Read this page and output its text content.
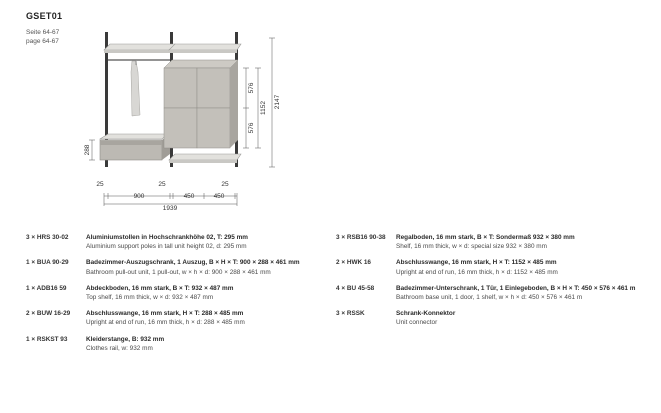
GSET01
Seite 64-67
page 64-67
2147
1152
576
576
288
25	25	25
900	450	450
1939
3 × HRS 30-02	Aluminiumstollen in Hochschrankhöhe 02, T: 295 mm
Aluminium support poles in tall unit height 02, d: 295 mm
1 × BUA 90-29	Badezimmer-Auszugschrank, 1 Auszug, B × H × T: 900 × 288 × 461 mm
Bathroom pull-out unit, 1 pull-out, w × h × d: 900 × 288 × 461 mm
1 × ADB16 59	Abdeckboden, 16 mm stark, B × T: 932 × 487 mm
Top shelf, 16 mm thick, w × d: 932 × 487 mm
2 × BUW 16-29	Abschlusswange, 16 mm stark, H × T: 288 × 485 mm
Upright at end of run, 16 mm thick, h × d: 288 × 485 mm
1 × RSKST 93	Kleiderstange, B: 932 mm
Clothes rail, w: 932 mm
3 × RSB16 90-38	Regalboden, 16 mm stark, B × T: Sondermaß 932 × 380 mm
Shelf, 16 mm thick, w × d: special size 932 × 380 mm
2 × HWK 16	Abschlusswange, 16 mm stark, H × T: 1152 × 485 mm
Upright at end of run, 16 mm thick, h × d: 1152 × 485 mm
4 × BU 45-58	Badezimmer-Unterschrank, 1 Tür, 1 Einlegeboden, B × H × T: 450 × 576 × 461 m
Bathroom base unit, 1 door, 1 shelf, w × h × d: 450 × 576 × 461 m
3 × RSSK	Schrank-Konnektor
Unit connector
